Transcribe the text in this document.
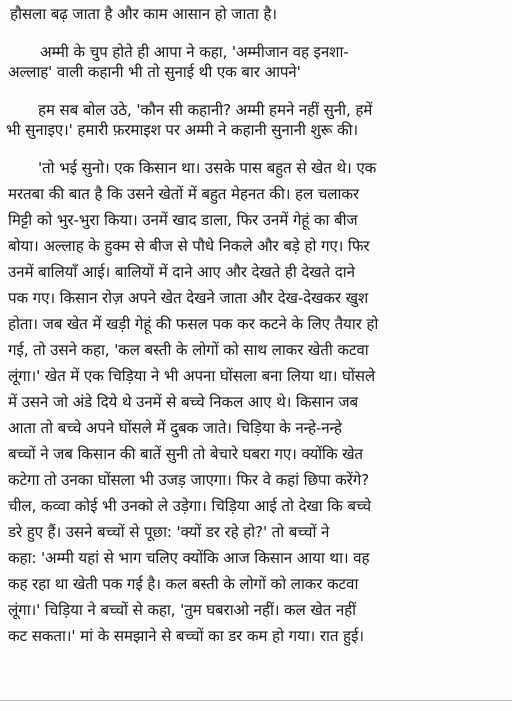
हौसला बढ़ जाता है और काम आसान हो जाता है।
अम्मी के चुप होते ही आपा ने कहा, 'अम्मीजान वह इनशा-
अल्लाह' वाली कहानी भी तो सुनाई थी एक बार आपने'
हम सब बोल उठे, 'कौन सी कहानी? अम्मी हमने नहीं सुनी, हमें
भी सुनाइए।' हमारी फ़रमाइश पर अम्मी ने कहानी सुनानी शुरू की।
'तो भई सुनो। एक किसान था। उसके पास बहुत से खेत थे। एक
मरतबा की बात है कि उसने खेतों में बहुत मेहनत की। हल चलाकर
मिट्टी को भुर-भुरा किया। उनमें खाद डाला, फिर उनमें गेहूं का बीज
बोया। अल्लाह के हुक्म से बीज से पौधे निकले और बड़े हो गए। फिर
उनमें बालियाँ आई। बालियों में दाने आए और देखते ही देखते दाने
पक गए। किसान रोज़ अपने खेत देखने जाता और देख-देखकर खुश
होता। जब खेत में खड़ी गेहूं की फसल पक कर कटने के लिए तैयार हो
गई, तो उसने कहा, 'कल बस्ती के लोगों को साथ लाकर खेती कटवा
लूंगा।' खेत में एक चिड़िया ने भी अपना घोंसला बना लिया था। घोंसले
में उसने जो अंडे दिये थे उनमें से बच्चे निकल आए थे। किसान जब
आता तो बच्चे अपने घोंसले में दुबक जाते। चिड़िया के नन्हे-नन्हे
बच्चों ने जब किसान की बातें सुनी तो बेचारे घबरा गए। क्योंकि खेत
कटेगा तो उनका घोंसला भी उजड़ जाएगा। फिर वे कहां छिपा करेंगे?
चील, कव्वा कोई भी उनको ले उड़ेगा। चिड़िया आई तो देखा कि बच्चे
डरे हुए हैं। उसने बच्चों से पूछा: 'क्यों डर रहे हो?' तो बच्चों ने
कहा: 'अम्मी यहां से भाग चलिए क्योंकि आज किसान आया था। वह
कह रहा था खेती पक गई है। कल बस्ती के लोगों को लाकर कटवा
लूंगा।' चिड़िया ने बच्चों से कहा, 'तुम घबराओ नहीं। कल खेत नहीं
कट सकता।' मां के समझाने से बच्चों का डर कम हो गया। रात हुई।
